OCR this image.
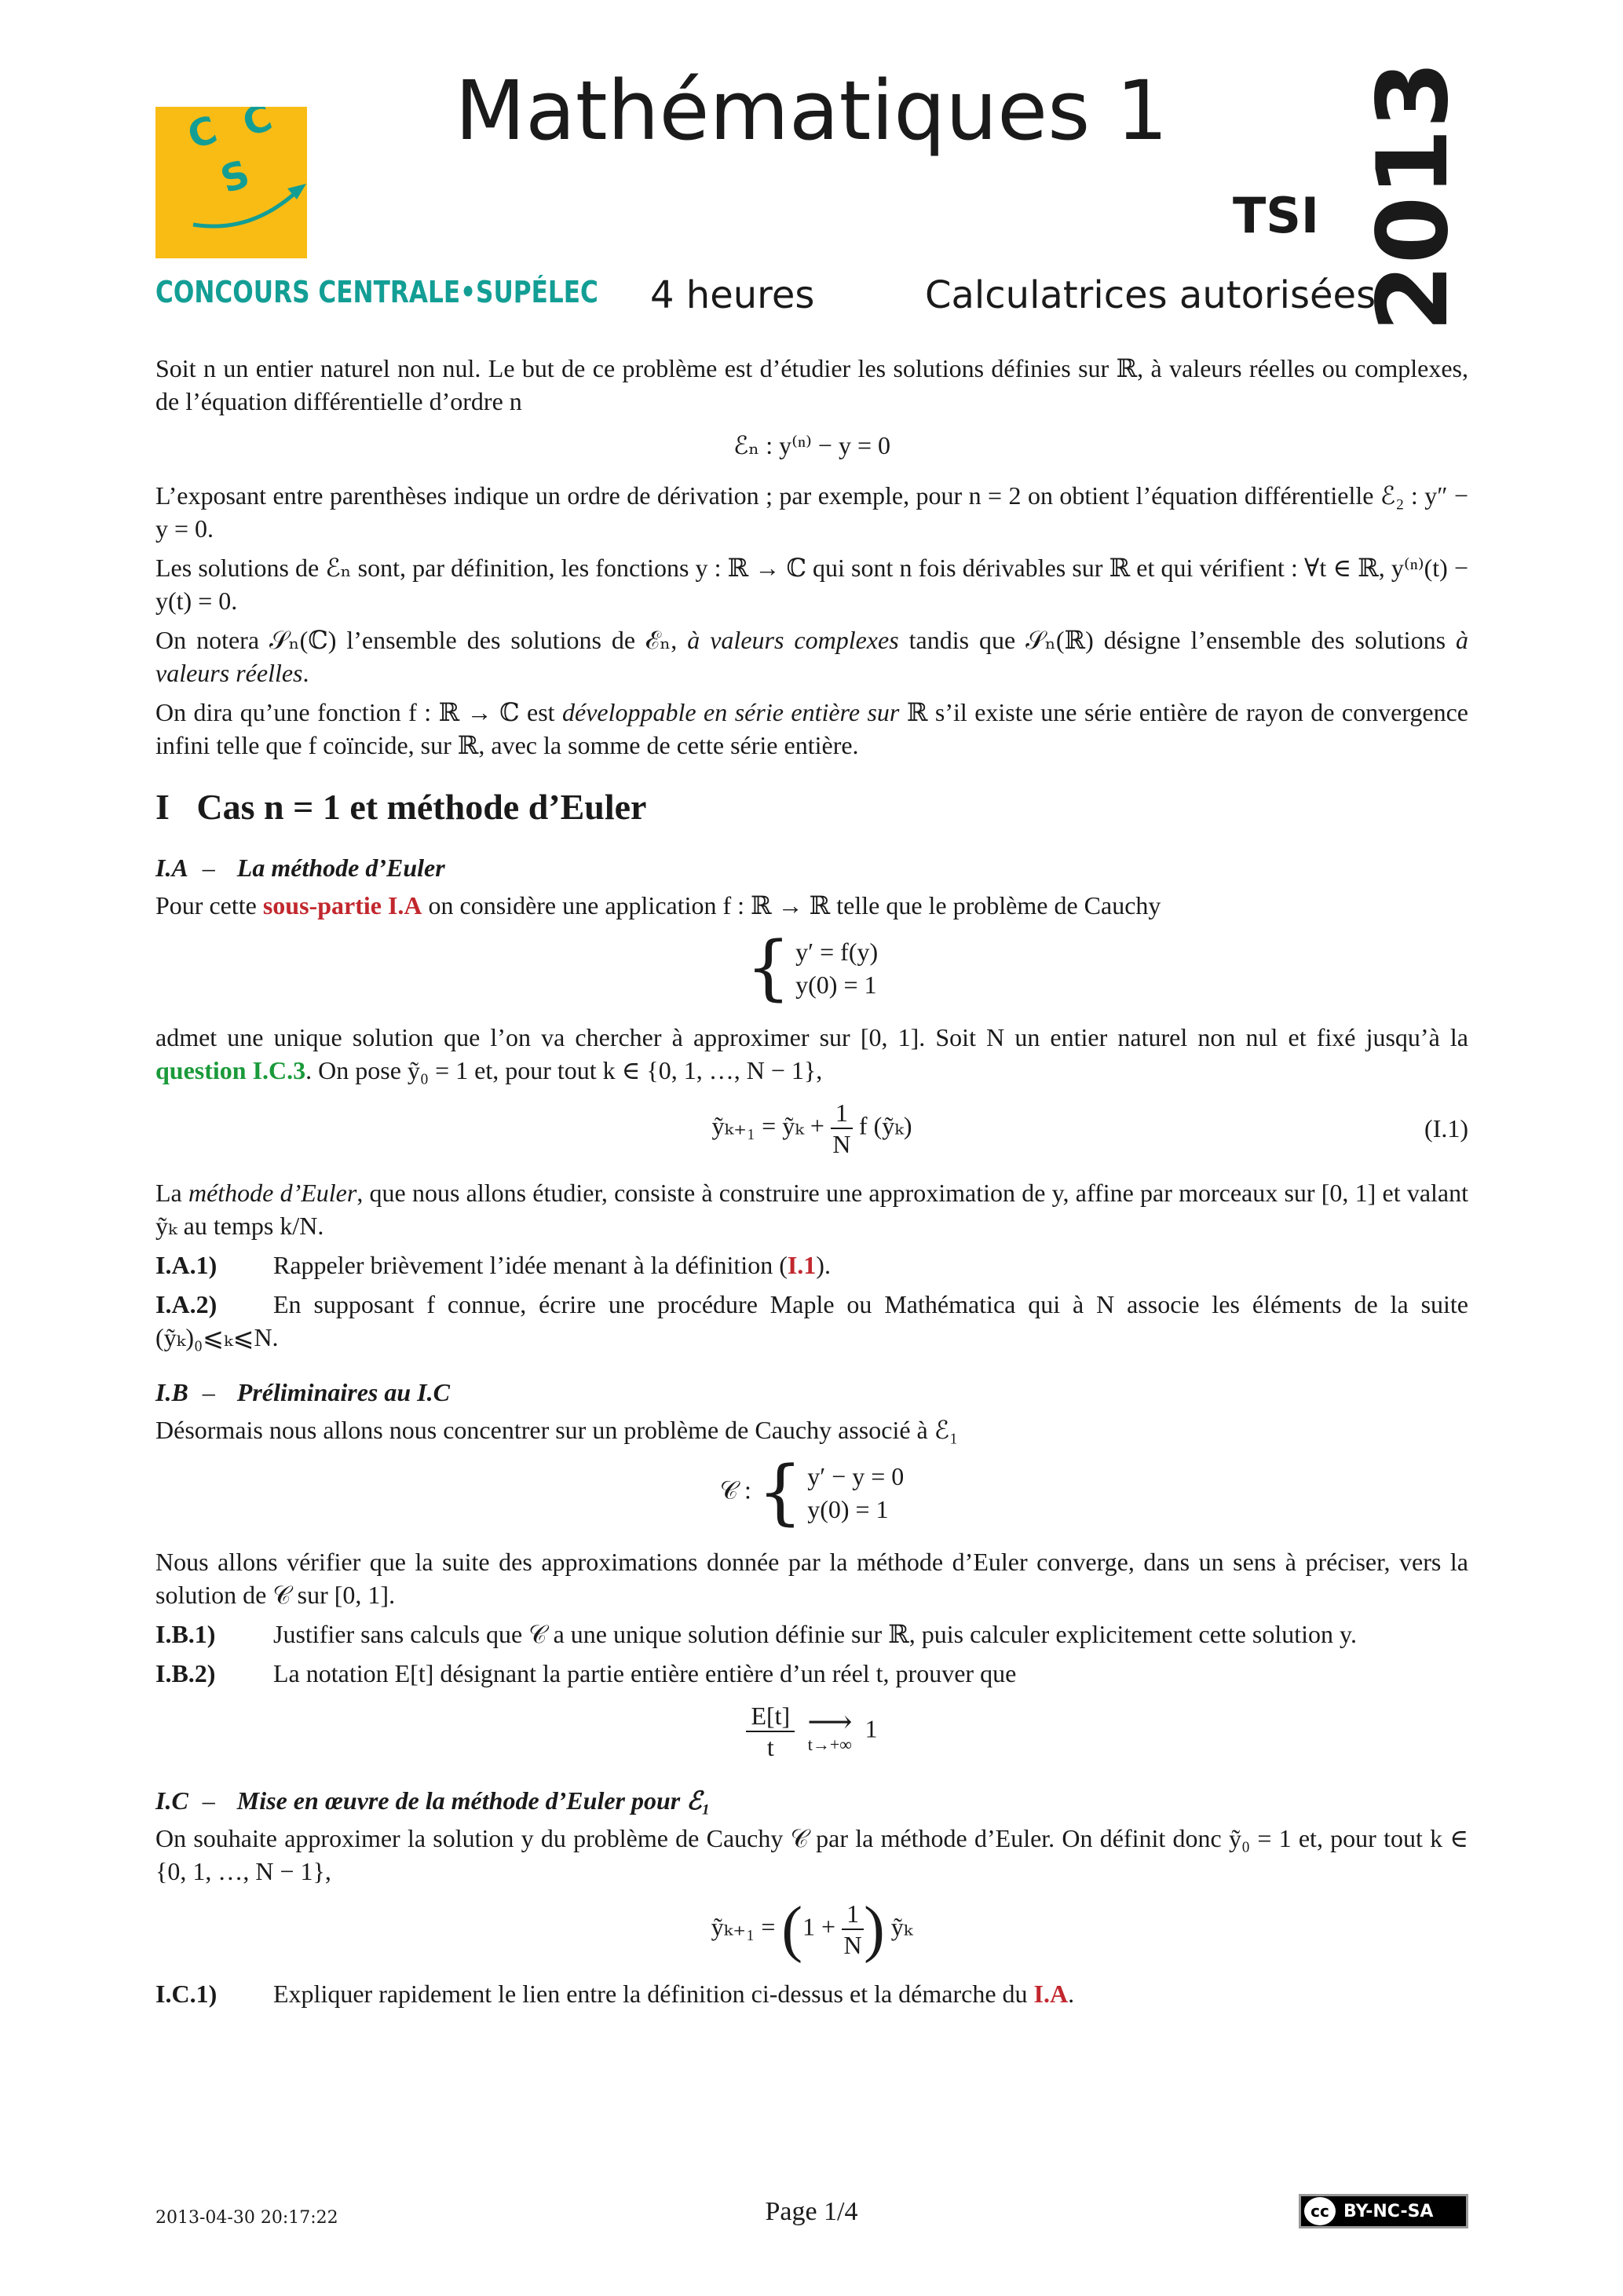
C C
S
CONCOURS CENTRALE•SUPÉLEC
Mathématiques 1
TSI
4 heures	Calculatrices autorisées
2013

Soit n un entier naturel non nul. Le but de ce problème est d’étudier les solutions définies sur ℝ, à valeurs réelles ou complexes, de l’équation différentielle d’ordre n

ℰₙ : y⁽ⁿ⁾ − y = 0

L’exposant entre parenthèses indique un ordre de dérivation ; par exemple, pour n = 2 on obtient l’équation différentielle ℰ₂ : y″ − y = 0.

Les solutions de ℰₙ sont, par définition, les fonctions y : ℝ → ℂ qui sont n fois dérivables sur ℝ et qui vérifient : ∀t ∈ ℝ, y⁽ⁿ⁾(t) − y(t) = 0.

On notera 𝒮ₙ(ℂ) l’ensemble des solutions de ℰₙ, à valeurs complexes tandis que 𝒮ₙ(ℝ) désigne l’ensemble des solutions à valeurs réelles.

On dira qu’une fonction f : ℝ → ℂ est développable en série entière sur ℝ s’il existe une série entière de rayon de convergence infini telle que f coïncide, sur ℝ, avec la somme de cette série entière.

I   Cas n = 1 et méthode d’Euler
I.A – La méthode d’Euler

Pour cette sous-partie I.A on considère une application f : ℝ → ℝ telle que le problème de Cauchy

{ y′ = f(y)
y(0) = 1

admet une unique solution que l’on va chercher à approximer sur [0, 1]. Soit N un entier naturel non nul et fixé jusqu’à la question I.C.3. On pose ỹ₀ = 1 et, pour tout k ∈ {0, 1, …, N − 1},

ỹₖ₊₁ = ỹₖ + $\frac{1}{N}$ f (ỹₖ)	(I.1)

La méthode d’Euler, que nous allons étudier, consiste à construire une approximation de y, affine par morceaux sur [0, 1] et valant ỹₖ au temps k/N.

I.A.1) Rappeler brièvement l’idée menant à la définition (I.1).

I.A.2) En supposant f connue, écrire une procédure Maple ou Mathématica qui à N associe les éléments de la suite (ỹₖ)₀⩽ₖ⩽N.

I.B – Préliminaires au I.C

Désormais nous allons nous concentrer sur un problème de Cauchy associé à ℰ₁

𝒞 : { y′ − y = 0
y(0) = 1

Nous allons vérifier que la suite des approximations donnée par la méthode d’Euler converge, dans un sens à préciser, vers la solution de 𝒞 sur [0, 1].

I.B.1) Justifier sans calculs que 𝒞 a une unique solution définie sur ℝ, puis calculer explicitement cette solution y.

I.B.2) La notation E[t] désignant la partie entière entière d’un réel t, prouver que

$\frac{E[t]}{t}$
⟶
t→+∞
1
I.C – Mise en œuvre de la méthode d’Euler pour ℰ₁

On souhaite approximer la solution y du problème de Cauchy 𝒞 par la méthode d’Euler. On définit donc ỹ₀ = 1 et, pour tout k ∈ {0, 1, …, N − 1},

ỹₖ₊₁ = ($1 + \frac{1}{N}$ ) ỹₖ

I.C.1) Expliquer rapidement le lien entre la définition ci-dessus et la démarche du I.A.

2013-04-30 20:17:22	Page 1/4	cc BY-NC-SA
